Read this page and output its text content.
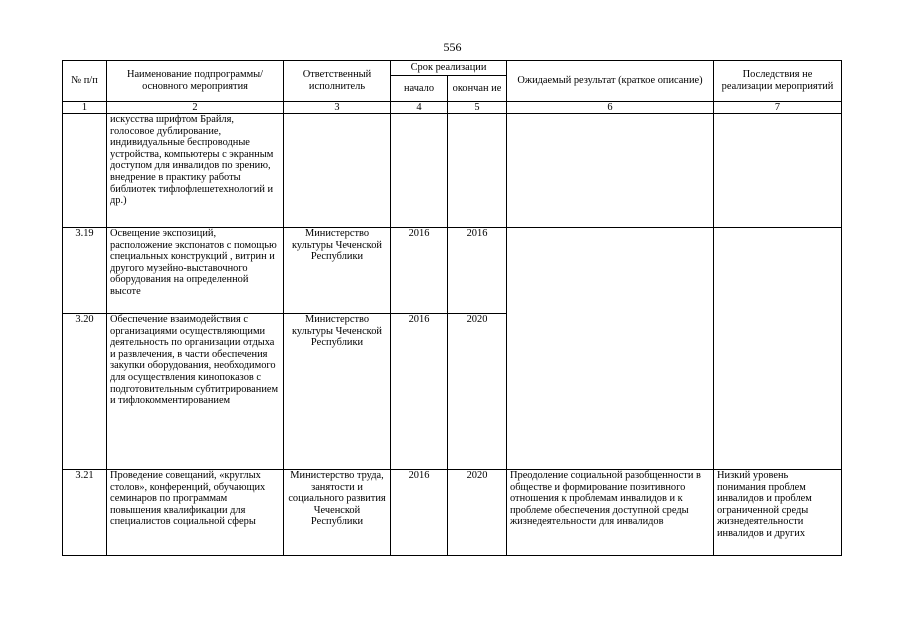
556
№ п/п	Наименование подпрограммы/ основного мероприятия	Ответственный исполнитель	Срок реализации		Ожидаемый результат (краткое описание)	Последствия не реализации мероприятий
			начало	окончан ие		
1	2	3	4	5	6	7
	искусства шрифтом Брайля, голосовое дублирование, индивидуальные беспроводные устройства, компьютеры с экранным доступом для инвалидов по зрению, внедрение в практику работы библиотек тифлофлешетехнологий и др.)					
3.19	Освещение экспозиций, расположение экспонатов с помощью специальных конструкций , витрин и другого музейно-выставочного оборудования на определенной высоте	Министерство культуры Чеченской Республики	2016	2016		
3.20	Обеспечение взаимодействия с организациями осуществляющими деятельность по организации отдыха и развлечения, в части обеспечения закупки оборудования, необходимого для осуществления кинопоказов с подготовительным субтитрированием и тифлокомментированием	Министерство культуры Чеченской Республики	2016	2020		
3.21	Проведение совещаний, «круглых столов», конференций, обучающих семинаров по программам повышения квалификации для специалистов социальной сферы	Министерство труда, занятости и социального развития Чеченской Республики	2016	2020	Преодоление социальной разобщенности в обществе и формирование позитивного отношения к проблемам инвалидов и к проблеме обеспечения доступной среды жизнедеятельности для инвалидов	Низкий уровень понимания проблем инвалидов и проблем ограниченной среды жизнедеятельности инвалидов и других
